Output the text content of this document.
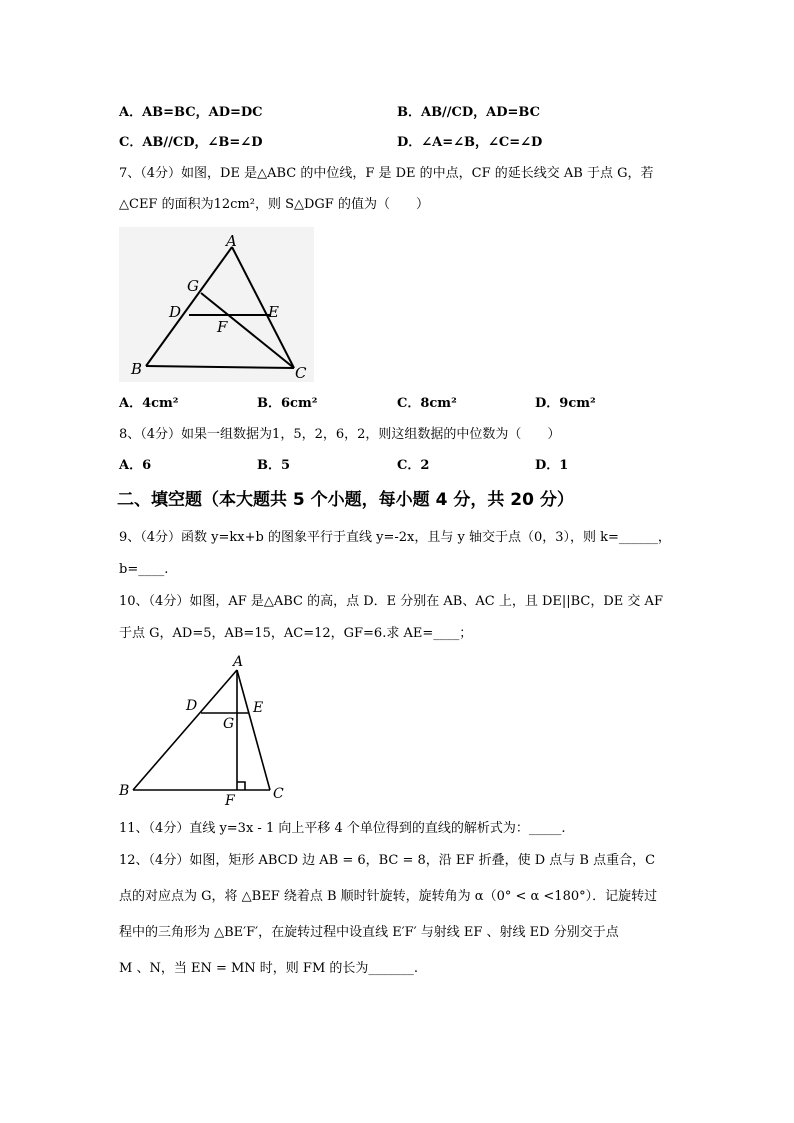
A．AB=BC，AD=DC	B．AB//CD，AD=BC
C．AB//CD，∠B=∠D	D．∠A=∠B，∠C=∠D
7、（4分）如图，DE 是△ABC 的中位线，F 是 DE 的中点，CF 的延长线交 AB 于点 G，若
△CEF 的面积为12cm²，则 S△DGF 的值为（　　）
A
G
D	E
F
B	C
A．4cm²	B．6cm²	C．8cm²	D．9cm²
8、（4分）如果一组数据为1，5，2，6，2，则这组数据的中位数为（　　）
A．6	B．5	C．2	D．1
二、填空题（本大题共 5 个小题，每小题 4 分，共 20 分）
9、（4分）函数 y=kx+b 的图象平行于直线 y=-2x，且与 y 轴交于点（0，3），则 k=______，
b=____.
10、（4分）如图，AF 是△ABC 的高，点 D．E 分别在 AB、AC 上，且 DE||BC，DE 交 AF
于点 G，AD=5，AB=15，AC=12，GF=6.求 AE=____；
A
D	E
G
B
F	C
11、（4分）直线 y=3x - 1 向上平移 4 个单位得到的直线的解析式为：_____.
12、（4分）如图，矩形 ABCD 边 AB = 6，BC = 8，沿 EF 折叠，使 D 点与 B 点重合，C
点的对应点为 G，将 △BEF 绕着点 B 顺时针旋转，旋转角为 α（0° < α <180°）．记旋转过
程中的三角形为 △BE′F′，在旋转过程中设直线 E′F′ 与射线 EF 、射线 ED 分别交于点
M 、N，当 EN = MN 时，则 FM 的长为_______.
